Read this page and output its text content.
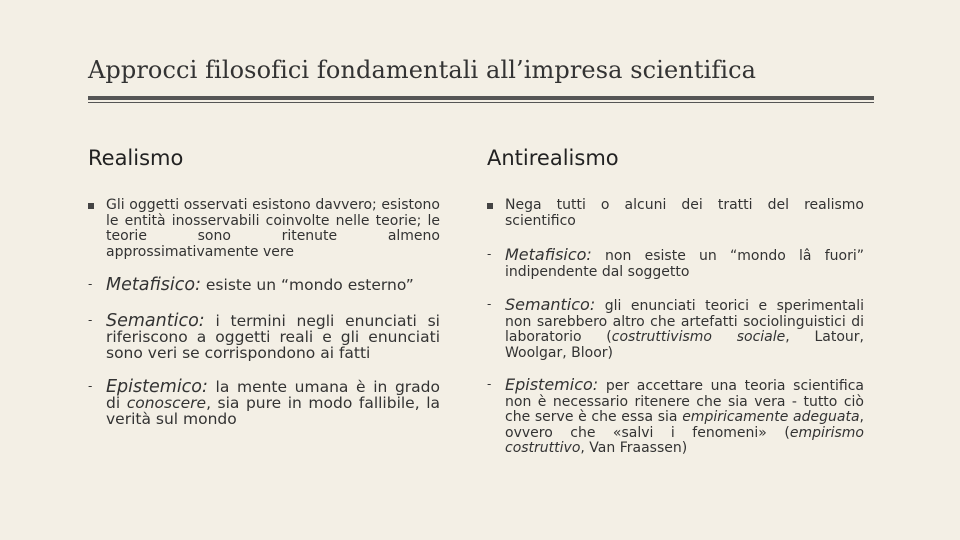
Approcci filosofici fondamentali all’impresa scientifica
Realismo
Gli oggetti osservati esistono davvero; esistono le entità inosservabili coinvolte nelle teorie; le teorie sono ritenute almeno approssimativamente vere
- Metafisico: esiste un “mondo esterno”
- Semantico: i termini negli enunciati si riferiscono a oggetti reali e gli enunciati sono veri se corrispondono ai fatti
- Epistemico: la mente umana è in grado di conoscere, sia pure in modo fallibile, la verità sul mondo
Antirealismo
Nega tutti o alcuni dei tratti del realismo scientifico
- Metafisico: non esiste un “mondo lâ fuori” indipendente dal soggetto
- Semantico: gli enunciati teorici e sperimentali non sarebbero altro che artefatti sociolinguistici di laboratorio (costruttivismo sociale, Latour, Woolgar, Bloor)
- Epistemico: per accettare una teoria scientifica non è necessario ritenere che sia vera - tutto ciò che serve è che essa sia empiricamente adeguata, ovvero che «salvi i fenomeni» (empirismo costruttivo, Van Fraassen)
